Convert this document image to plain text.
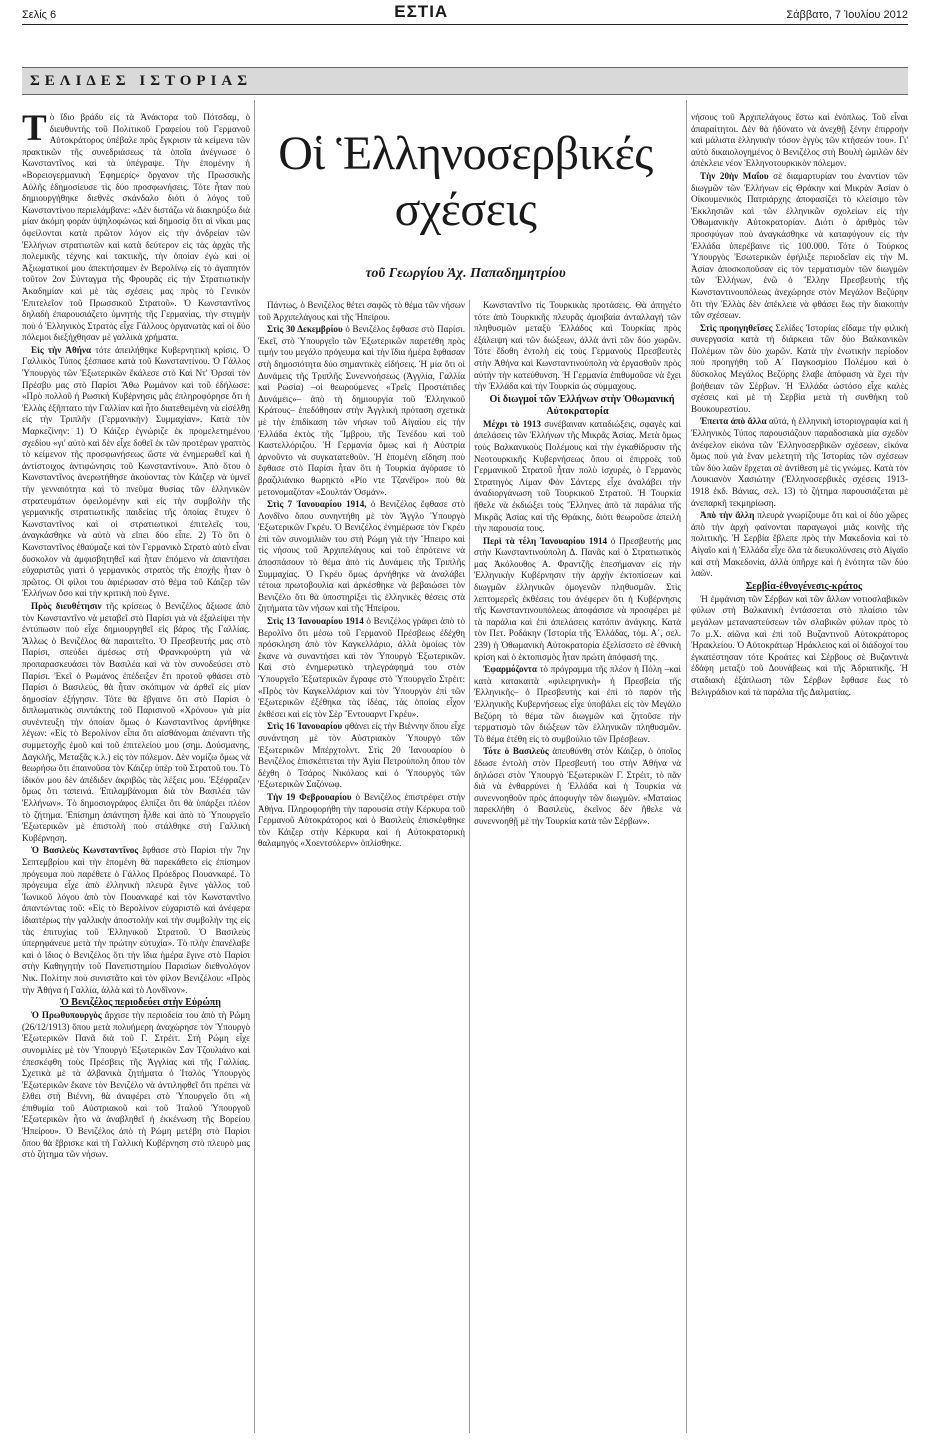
Σελίς 6	ΕΣΤΙΑ	Σάββατο, 7 Ἰουλίου 2012
ΣΕΛΙΔΕΣ ΙΣΤΟΡΙΑΣ
Οἱ Ἑλληνοσερβικές
σχέσεις
τοῦ Γεωργίου Ἀχ. Παπαδημητρίου

Τὸ ἴδιο βράδυ εἰς τὰ Ἀνάκτορα τοῦ Πότσδαμ, ὁ διευθυντής τοῦ Πολιτικοῦ Γραφείου τοῦ Γερμανοῦ Αὐτοκράτορος ὑπέβαλε πρὸς ἔγκρισιν τὰ κείμενα τῶν πρακτικῶν τῆς συνεδριάσεως τὰ ὁποῖα ἀνέγνωσε ὁ Κωνσταντῖνος καὶ τὰ ὑπέγραψε. Τὴν ἑπομένην ἡ «Βορειογερμανικὴ Ἐφημερίς» ὄργανον τῆς Πρωσσικῆς Αὐλῆς ἐδημοσίευσε τὶς δύο προσφωνήσεις. Τότε ἦταν ποὺ δημιουργήθηκε διεθνὲς σκάνδαλο διότι ὁ λόγος τοῦ Κωνσταντίνου περιελάμβανε: «Δὲν διστάζω νὰ διακηρύξω διὰ μίαν ἀκόμη φορὰν ὑψηλοφώνως καὶ δημοσίᾳ ὅτι αἱ νῖκαι μας ὀφείλονται κατὰ πρῶτον λόγον εἰς τὴν ἀνδρείαν τῶν Ἑλλήνων στρατιωτῶν καὶ κατὰ δεύτερον εἰς τὰς ἀρχὰς τῆς πολεμικῆς τέχνης καὶ τακτικῆς, τὴν ὁποίαν ἐγὼ καὶ οἱ Ἀξιωματικοί μου ἀπεκτήσαμεν ἐν Βερολίνῳ εἰς τὸ ἀγαπητόν τοῦτον 2ον Σύνταγμα τῆς Φρουρᾶς εἰς τὴν Στρατιωτικὴν Ἀκαδημίαν καὶ μὲ τὰς σχέσεις μας πρὸς τὸ Γενικὸν Ἐπιτελεῖον τοῦ Πρωσσικοῦ Στρατοῦ». Ὁ Κωνσταντῖνος δηλαδὴ ἐπαρουσιάζετο ὑμνητὴς τῆς Γερμανίας, τὴν στιγμὴν ποὺ ὁ Ἑλληνικὸς Στρατὸς εἶχε Γάλλους ὀργανωτὰς καὶ οἱ δύο πόλεμοι διεξήχθησαν μὲ γαλλικὰ χρήματα.

Εἰς τὴν Ἀθήνα τότε ἀπειλήθηκε Κυβερνητικὴ κρίσις. Ὁ Γαλλικὸς Τύπος ξέσπασε κατὰ τοῦ Κωνσταντίνου. Ὁ Γάλλος Ὑπουργὸς τῶν Ἐξωτερικῶν ἔκάλεσε στὸ Καὶ Ντ' Ὀρσαὶ τὸν Πρέσβυ μας στὸ Παρίσι Ἄθω Ρωμάνον καὶ τοῦ ἐδήλωσε: «Πρὸ πολλοῦ ἡ Ρωσικὴ Κυβέρνησις μᾶς ἐπληροφόρησε ὅτι ἡ Ἑλλὰς ἐξῆπτατο τὴν Γαλλίαν καὶ ἦτο διατεθειμένη νὰ εἰσέλθῃ εἰς τὴν Τριπλῆν (Γερμανικὴν) Συμμαχίαν». Κατὰ τὸν Μαρκεζίνην: 1) Ὁ Κάιζερ ἐγνώριζε ἐκ προμελετημένου σχεδίου «γι' αὐτὸ καὶ δὲν εἶχε δοθεῖ ἐκ τῶν προτέρων γραπτὸς τὸ κείμενον τῆς προσφωνήσεως ὥστε νὰ ἐνημερωθεῖ καὶ ἡ ἀντίστοιχος ἀντιφώνησις τοῦ Κωνσταντίνου». Ἀπὸ ὅτου ὁ Κωνσταντῖνος ἀνερωτήθησε ἀκούοντας τὸν Κάιζερ νὰ ὑμνεῖ τὴν γενναιότητα καὶ τὸ πνεῦμα θυσίας τῶν ἑλληνικῶν στρατευμάτων ὀφειλομένην καὶ εἰς τὴν συμβολὴν τῆς γερμανικῆς στρατιωτικῆς παιδείας τῆς ὁποίας ἔτυχεν ὁ Κωνσταντῖνος καὶ οἱ στρατιωτικοὶ ἐπιτελεῖς του, ἀναγκάσθηκε νὰ αὐτὸ νὰ εἴπει δύο εἶπε. 2) Τὸ ὅτι ὁ Κωνσταντῖνος ἐθαύμαζε καὶ τὸν Γερμανικὸ Στρατὸ αὐτὸ εἶναι δυσκολον νὰ ἀμφισβητηθεῖ καὶ ἦταν ἐπόμενο νὰ ἀπαντήσει εὐχαριστῶς γιατὶ ὁ γερμανικὸς στρατὸς τῆς ἐποχῆς ἦταν ὁ πρῶτος. Οἱ φίλοι του ἀφιέρωσαν στὸ θέμα τοῦ Κάιζερ τῶν Ἑλλήνων ὅσο καὶ τὴν κριτικὴ ποὺ ἔγινε.

Πρὸς διευθέτησιν τῆς κρίσεως ὁ Βενιζέλος ἄξιωσε ἀπὸ τὸν Κωνσταντῖνο νὰ μεταβεῖ στὸ Παρίσι γιὰ νὰ ἐξαλείψει τὴν ἐντύπωσιν ποὺ εἶχε δημιουργηθεῖ εἰς βάρος τῆς Γαλλίας. Ἄλλως ὁ Βενιζέλος θὰ παραιτεῖτο. Ὁ Πρεσβευτής μας στὸ Παρίσι, σπεύδει ἀμέσως στὴ Φρανκφούρτη γιὰ νὰ προπαρασκευάσει τὸν Βασιλέα καὶ νὰ τὸν συνοδεύσει στὸ Παρίσι. Ἐκεῖ ὁ Ρωμάνος ἐπέδειξεν ἔτι προτοῦ φθάσει στὸ Παρίσι ὁ Βασιλεύς, θὰ ἦταν σκόπιμον νὰ ἀρθεῖ εἰς μίαν δημοσίαν ἐξήγησιν. Τότε θὰ ἔβγαινε ὅτι στὸ Παρίσι ὁ διπλωματικὸς συντάκτης τοῦ Παρισινοῦ «Χρόνου» γιὰ μία συνέντευξη τὴν ὁποίαν ὅμως ὁ Κωνσταντῖνος ἀρνήθηκε λέγων: «Εἰς τὸ Βερολίνον εἶπα ὅτι αἰσθάνομαι ἀπέναντι τῆς συμμετοχῆς ἐμοῦ καὶ τοῦ ἐπιτελείου μου (σημ. Δούσμανης, Δαγκλῆς, Μεταξᾶς κ.λ.) εἰς τὸν πόλεμον. Δὲν νομίζω ὅμως νὰ θεωρήσω ὅτι ἐπαινοῦσα τὸν Κάιζερ ὑπὲρ τοῦ Στρατοῦ του. Τὸ ἰδικόν μου δὲν ἀπέδιδεν ἀκριβῶς τὰς λέξεις μου. Ἐξέφραζεν ὅμως ὅτι ταπεινά. Ἐπιλαμβάνομαι διὰ τὸν Βασιλέα τῶν Ἑλλήνων». Τὸ δημοσιογράφος ἐλπίζει ὅτι θὰ ὑπάρξει πλέον τὸ ζήτημα. Ἐπίσημη ἀπάντηση ἦλθε καὶ ἀπὸ τὸ Ὑπουργεῖο Ἐξωτερικῶν μὲ ἐπιστολὴ ποὺ στάλθηκε στὴ Γαλλικὴ Κυβέρνηση.

Ὁ Βασιλεὺς Κωνσταντῖνος ἔφθασε στὸ Παρίσι τὴν 7ην Σεπτεμβρίου καὶ τὴν ἑπομένη θὰ παρεκάθετο εἰς ἐπίσημον πρόγευμα ποὺ παρέθετε ὁ Γάλλος Πρόεδρος Πουανκαρέ. Τὸ πρόγευμα εἶχε ἀπὸ ἑλληνικὴ πλευρὰ ἔγινε γὰλλος τοῦ Ἰωνικοῦ λόγου ἀπὸ τὸν Πουανκαρέ καὶ τὸν Κωνσταντῖνο ἀπαντώντας τοῦ: «Εἰς τὸ Βερολίνον εὐχαριστῶ καὶ ἀνέφερα ἰδιαιτέρως τὴν γαλλικὴν ἀποστολὴν καὶ τὴν συμβολὴν της εἰς τὰς ἐπιτυχίας τοῦ Ἑλληνικοῦ Στρατοῦ. Ὁ Βασιλεὺς ὑπερηφάνευε μετὰ τὴν πρώτην εὐτυχία». Τὸ πλὴν ἐπανέλαβε καὶ ὁ ἴδιος ὁ Βενιζέλος ὅτι τὴν ἴδια ἡμέρα ἔγινε στὸ Παρίσι στὴν Καθηγητὴν τοῦ Πανεπιστημίου Παρισίων διεθνολόγον Νικ. Πολίτην ποὺ συνιστᾶτο καὶ τὸν φίλον Βενιζέλου: «Πρὸς τὴν Ἀθήνα ἡ Γαλλία, ἀλλὰ καὶ τὸ Λονδῖνον».

Ὁ Βενιζέλος περιοδεύει στὴν Εὐρώπη

Ὁ Πρωθυπουργὸς ἄρχισε τὴν περιοδεία του ἀπὸ τὴ Ρώμη (26/12/1913) ὅπου μετὰ πολυήμερη ἀναχώρησε τὸν Ὑπουργὸ Ἐξωτερικῶν Πανᾶ διὰ τοῦ Γ. Στρέιτ. Στὴ Ρώμη εἶχε συνομιλίες μὲ τὸν Ὑπουργὸ Ἐξωτερικῶν Σαν Τζουλιάνο καὶ ἐπεσκέφθη τοὺς Πρέσβεις τῆς Ἀγγλίας καὶ τῆς Γαλλίας. Σχετικὰ μὲ τὰ ἀλβανικὰ ζητήματα ὁ Ἰταλὸς Ὑπουργὸς Ἐξωτερικῶν ἔκανε τὸν Βενιζέλο νὰ ἀντιληφθεῖ ὅτι πρέπει νὰ ἔλθει στὴ Βιέννη, θὰ ἀναφέρει στὸ Ὑπουργεῖο ὅτι «ἡ ἐπιθυμία τοῦ Αὐστριακοῦ καὶ τοῦ Ἰταλοῦ Ὑπουργοῦ Ἐξωτερικῶν ἦτο νὰ ἀναβληθεῖ ἡ ἐκκένωση τῆς Βορείου Ἠπείρου». Ὁ Βενιζέλος ἀπὸ τὴ Ρώμη μετέβη στὸ Παρίσι ὅπου θὰ ἔβρισκε καὶ τὴ Γαλλικὴ Κυβέρνηση στὸ πλευρὸ μας στὸ ζήτημα τῶν νήσων.

Πάντως, ὁ Βενιζέλος θέτει σαφῶς τὸ θέμα τῶν νήσων τοῦ Ἀρχιπελάγους καὶ τῆς Ἠπείρου.

Στὶς 30 Δεκεμβρίου ὁ Βενιζέλος ἔφθασε στὸ Παρίσι. Ἐκεῖ, στὸ Ὑπουργεῖο τῶν Ἐξωτερικῶν παρετέθη πρὸς τιμήν του μεγάλο πρόγευμα καὶ τὴν ἴδια ἡμέρα ἔφθασαν στὴ δημοσιότητα δύο σημαντικὲς εἰδήσεις. Ἡ μία ὅτι οἱ Δυνάμεις τῆς Τριπλῆς Συνεννοήσεως (Ἀγγλία, Γαλλία καὶ Ρωσία) –οἱ θεωρούμενες «Τρεῖς Προστάτιδες Δυνάμεις»– ἀπὸ τὴ δημιουργία τοῦ Ἑλληνικοῦ Κράτους– ἐπεδόθησαν στὴν Ἀγγλικὴ πρόταση σχετικὰ μὲ τὴν ἐπιδίκαση τῶν νήσων τοῦ Αἰγαίου εἰς τὴν Ἑλλάδα ἐκτὸς τῆς Ἴμβρου, τῆς Τενέδου καὶ τοῦ Καστελλόριζου. Ἡ Γερμανία ὅμως καὶ ἡ Αὐστρία ἀρνοῦντο νὰ συγκατατεθοῦν. Ἡ ἑπομένη εἴδηση ποὺ ἔφθασε στὸ Παρίσι ἦταν ὅτι ἡ Τουρκία ἀγόρασε τὸ βραζιλιάνικο θωρηκτὸ «Ρίο ντε Τζανέϊρο» ποὺ θὰ μετονομαζόταν «Σουλτάν Ὀσμάν».

Στὶς 7 Ἰανουαρίου 1914, ὁ Βενιζέλος ἔφθασε στὸ Λονδῖνο ὅπου συνηντήθη μὲ τὸν Ἄγγλο Ὑπουργὸ Ἐξωτερικῶν Γκρέυ. Ὁ Βενιζέλος ἐνημέρωσε τὸν Γκρέυ ἐπὶ τῶν συνομιλιῶν του στὴ Ρώμη γιὰ τὴν Ἤπειρο καὶ τὶς νήσους τοῦ Ἀρχιπελάγους καὶ τοῦ ἐπρότεινε νὰ ἀποσπάσουν τὸ θέμα ἀπὸ τὶς Δυνάμεις τῆς Τριπλῆς Συμμαχίας. Ὁ Γκρέυ ὅμως ἀρνήθηκε νὰ ἀναλάβει τέτοια πρωτοβουλία καὶ ἀρκέσθηκε νὰ βεβαιώσει τὸν Βενιζέλο ὅτι θὰ ὑποστηρίξει τὶς ἑλληνικὲς θέσεις στὰ ζητήματα τῶν νήσων καὶ τῆς Ἠπείρου.

Στὶς 13 Ἰανουαρίου 1914 ὁ Βενιζέλος γράφει ἀπὸ τὸ Βερολῖνο ὅτι μέσω τοῦ Γερμανοῦ Πρέσβεως ἐδέχθη πρόσκληση ἀπὸ τὸν Καγκελλάριο, ἀλλὰ ὁμοίως τὸν ἔκανε νὰ συναντήσει καὶ τὸν Ὑπουργὸ Ἐξωτερικῶν. Καὶ στὸ ἐνημερωτικὸ τηλεγράφημά του στὸν Ὑπουργεῖο Ἐξωτερικῶν ἔγραφε στὸ Ὑπουργεῖο Στρέιτ: «Πρὸς τὸν Καγκελλάριον καὶ τὸν Ὑπουργὸν ἐπὶ τῶν Ἐξωτερικῶν ἐξέθηκα τὰς ἰδέας, τὰς ὁποίας εἶχον ἐκθέσει καὶ εἰς τὸν Σὲρ Ἔντουαρντ Γκρέυ».

Στὶς 16 Ἰανουαρίου φθάνει εἰς τὴν Βιέννην ὅπου εἶχε συνάντηση μὲ τὸν Αὐστριακὸν Ὑπουργὸ τῶν Ἐξωτερικῶν Μπέρχτολντ. Στὶς 20 Ἰανουαρίου ὁ Βενιζέλος ἐπισκέπτεται τὴν Ἁγία Πετρούπολη ὅπου τὸν δέχθη ὁ Τσάρος Νικόλαος καὶ ὁ Ὑπουργὸς τῶν Ἐξωτερικῶν Σαζόνωφ.

Τὴν 19 Φεβρουαρίου ὁ Βενιζέλος ἐπιστρέφει στὴν Ἀθήνα. Πληροφορήθη τὴν παρουσία στὴν Κέρκυρα τοῦ Γερμανοῦ Αὐτοκράτορος καὶ ὁ Βασιλεὺς ἐπισκέφθηκε τὸν Κάιζερ στὴν Κέρκυρα καὶ ἡ Αὐτοκρατορικὴ θαλαμηγὸς «Χοεντσόλερν» ὁπλίσθηκε.

Κωνσταντῖνο τὶς Τουρκικὰς προτάσεις. Θὰ ἀπηγέτο τότε ἀπὸ Τουρκικῆς πλευρᾶς ἀμοιβαία ἀνταλλαγή τῶν πληθυσμῶν μεταξὺ Ἑλλάδος καὶ Τουρκίας πρὸς ἐξάλειψη καὶ τῶν διώξεων, ἀλλὰ ἀντὶ τῶν δύο χωρῶν. Τότε ἔδοθη ἐντολὴ εἰς τοὺς Γερμανοὺς Πρεσβευτὲς στὴν Ἀθήνα καὶ Κωνσταντινούπολη νὰ ἐργασθοῦν πρὸς αὐτὴν τὴν κατεύθυνση. Ἡ Γερμανία ἐπιθυμοῦσε νὰ ἔχει τὴν Ἑλλάδα καὶ τὴν Τουρκία ὡς σύμμαχους.

Οἱ διωγμοί τῶν Ἑλλήνων στὴν Ὀθωμανική Αὐτοκρατορία

Μέχρι τὸ 1913 συνέβαιναν καταδιώξεις, σφαγὲς καὶ ἀπελάσεις τῶν Ἑλλήνων τῆς Μικρᾶς Ἀσίας. Μετὰ ὅμως τοὺς Βαλκανικοὺς Πολέμους καὶ τὴν ἐγκαθίδρυσιν τῆς Νεοτουρκικῆς Κυβερνήσεως ὅπου οἱ ἐπιρροὲς τοῦ Γερμανικοῦ Στρατοῦ ἦταν πολὺ ἰσχυρές, ὁ Γερμανὸς Στρατηγὸς Λίμαν Φὸν Σάντερς εἶχε ἀναλάβει τὴν ἀναδιοργάνωση τοῦ Τουρκικοῦ Στρατοῦ. Ἡ Τουρκία ἤθελε νὰ ἐκδιώξει τοὺς Ἕλληνες ἀπὸ τὰ παράλια τῆς Μικρᾶς Ἀσίας καὶ τῆς Θράκης, διότι θεωροῦσε ἀπειλὴ τὴν παρουσία τους.

Περὶ τὰ τέλη Ἰανουαρίου 1914 ὁ Πρεσβευτής μας στὴν Κωνσταντινούπολη Δ. Πανᾶς καὶ ὁ Στρατιωτικὸς μας Ἀκόλουθος Α. Φραντζῆς ἐπεσήμαναν εἰς τὴν Ἑλληνικὴν Κυβέρνησιν τὴν ἀρχὴν ἐκτοπίσεων καὶ διωγμῶν ἑλληνικῶν ὁμογενῶν πληθυσμῶν. Στὶς λεπτομερεῖς ἐκθέσεις του ἀνέφερεν ὅτι ἡ Κυβέρνησις τῆς Κωνσταντινουπόλεως ἀποφάσισε νὰ προσφέρει μὲ τὰ παράλια καὶ ἐπὶ ἀπελάσεις κατόπιν ἀνάγκης. Κατὰ τὸν Πετ. Ροδάκην (Ἱστορία τῆς Ἑλλάδας, τόμ. Α΄, σελ. 239) ἡ Ὀθωμανικὴ Αὐτοκρατορία ἐξελίσσετο σὲ ἐθνικὴ κρίση καὶ ὁ ἐκτοπισμὸς ἦταν πρώτη ἀπόφασή της.

Ἐφαρμόζοντα τὸ πρόγραμμα τῆς πλέον ἡ Πόλη –καὶ κατὰ κατακαιτὰ «φιλειρηνικὴ» ἡ Πρεσβεία τῆς Ἑλληνικῆς– ὁ Πρεσβευτὴς καὶ ἐπὶ τὸ παρόν τῆς Ἑλληνικῆς Κυβερνήσεως εἶχε ὑποβάλει εἰς τὸν Μεγάλο Βεζύρη τὸ θέμα τῶν διωγμῶν καὶ ζητοῦσε τὴν τερματισμὸ τῶν διώξεων τῶν ἑλληνικῶν πληθυσμῶν. Τὸ θέμα ἐτέθη εἰς τὸ συμβούλιο τῶν Πρέσβεων.

Τότε ὁ Βασιλεὺς ἀπευθύνθη στὸν Κάιζερ, ὁ ὁποῖος ἔδωσε ἐντολὴ στὸν Πρεσβευτή του στὴν Ἀθήνα νὰ δηλώσει στὸν Ὑπουργὸ Ἐξωτερικῶν Γ. Στρέιτ, τὸ πᾶν διὰ νὰ ἐνθαρρύνει ἡ Ἑλλάδα καὶ ἡ Τουρκία νὰ συνεννοηθοῦν πρὸς ἀποφυγὴν τῶν διωγμῶν. «Ματαίως παρεκλήθη ὁ Βασιλεὺς, ἐκεῖνος δὲν ἤθελε νὰ συνεννοηθῇ μὲ τὴν Τουρκία κατὰ τῶν Σέρβων».

νήσους τοῦ Ἀρχιπελάγους ἔστω καὶ ἐνόπλως. Τοῦ εἶναι ἀπαραίτητοι. Δὲν θὰ ἠδύνατο νὰ ἀνεχθῇ ξένην ἐπιρροὴν καὶ μάλιστα ἑλληνικὴν τόσον ἐγγὺς τῶν κτήσεών του». Γι' αὐτὸ δικαιολογημένος ὁ Βενιζέλος στὴ Βουλὴ ὡμιλῶν δὲν ἀπέκλειε νέον Ἑλληνοτουρκικὸν πόλεμον.

Τὴν 20ὴν Μαΐου σὲ διαμαρτυρίαν του ἐναντίον τῶν διωγμῶν τῶν Ἑλλήνων εἰς Θράκην καὶ Μικρὰν Ἀσίαν ὁ Οἰκουμενικὸς Πατριάρχης ἀποφασίζει τὸ κλείσιμο τῶν Ἐκκλησιῶν καὶ τῶν ἑλληνικῶν σχολείων εἰς τὴν Ὀθωμανικὴν Αὐτοκρατορίαν. Διότι ὁ ἀριθμὸς τῶν προσφύγων ποὺ ἀναγκάσθηκε νὰ καταφύγουν εἰς τὴν Ἑλλάδα ὑπερέβαινε τὶς 100.000. Τότε ὁ Τούρκος Ὑπουργὸς Ἐσωτερικῶν ἐφήλιξε περιοδεῖαν εἰς τὴν Μ. Ἀσίαν ἀποσκοποῦσαν εἰς τὸν τερματισμὸν τῶν διωγμῶν τῶν Ἑλλήνων, ἐνῶ ὁ Ἕλλην Πρεσβευτὴς τῆς Κωνσταντινουπόλεως ἀνεχώρησε στὸν Μεγάλον Βεζύρην ὅτι τὴν Ἑλλὰς δὲν ἀπέκλειε νὰ φθάσει ἕως τὴν διακοπὴν τῶν σχέσεων.

Στὶς προηγηθεῖσες Σελίδες Ἱστορίας εἴδαμε τὴν φιλικὴ συνεργασία κατὰ τὴ διάρκεια τῶν δύο Βαλκανικῶν Πολέμων τῶν δύο χωρῶν. Κατὰ τὴν ἑνωτικὴν περίοδον ποὺ προηγήθη τοῦ Α΄ Παγκοσμίου Πολέμου καὶ ὁ δύσκολος Μεγάλος Βεζύρης ἔλαβε ἀπόφαση νὰ ἔχει τὴν βοήθειαν τῶν Σέρβων. Ἡ Ἑλλάδα ὡστόσο εἶχε καλὲς σχέσεις καὶ μὲ τὴ Σερβία μετὰ τὴ συνθήκη τοῦ Βουκουρεστίου.

Ἐπειτα ἀπὸ ἄλλα αὐτά, ἡ ἑλληνικὴ ἱστοριογραφία καὶ ἡ Ἑλληνικὸς Τύπος παρουσιάζουν παραδοσιακὰ μία σχεδὸν ἀνέφελον εἰκόνα τῶν Ἑλληνοσερβικῶν σχέσεων, εἰκόνα ὅμως ποὺ γιὰ ἕναν μελετητὴ τῆς Ἱστορίας τῶν σχέσεων τῶν δύο λαῶν ἔρχεται σὲ ἀντίθεση μὲ τὶς γνώμες. Κατὰ τὸν Λουκιανὸν Χασιώτην (Ἑλληνοσερβικὲς σχέσεις 1913-1918 ἐκδ. Βάνιας, σελ. 13) τὸ ζήτημα παρουσιάζεται μὲ ἀνεπαρκῆ τεκμηρίωση.

Ἀπὸ τὴν ἄλλη πλευρὰ γνωρίζουμε ὅτι καὶ οἱ δύο χῶρες ἀπὸ τὴν ἀρχὴ φαίνονται παραγωγοὶ μιᾶς κοινῆς τῆς πολιτικῆς. Ἡ Σερβία ἔβλεπε πρὸς τὴν Μακεδονία καὶ τὸ Αἰγαῖο καὶ ἡ Ἑλλάδα εἶχε ὅλα τὰ διευκολύνσεις στὸ Αἰγαῖο καὶ στὴ Μακεδονία, ἀλλὰ ὑπῆρχε καὶ ἡ ἑνότητα τῶν δύο λαῶν.

Σερβία-ἐθνογένεσις-κράτος

Ἡ ἐμφάνιση τῶν Σέρβων καὶ τῶν ἄλλων νοτιοσλαβικῶν φύλων στὴ Βαλκανικὴ ἐντάσσεται στὸ πλαίσιο τῶν μεγάλων μεταναστεύσεων τῶν σλαβικῶν φύλων πρὸς τὸ 7ο μ.Χ. αἰῶνα καὶ ἐπὶ τοῦ Βυζαντινοῦ Αὐτοκράτορος Ἡρακλείου. Ὁ Αὐτοκράτωρ Ἡράκλειος καὶ οἱ διάδοχοί του ἐγκατέστησαν τότε Κροάτες καὶ Σέρβους σὲ Βυζαντινὰ ἐδάφη μεταξὺ τοῦ Δουνάβεως καὶ τῆς Ἀδριατικῆς. Ἡ σταδιακὴ ἐξάπλωση τῶν Σέρβων ἔφθασε ἕως τὸ Βελιγράδιον καὶ τὰ παράλια τῆς Δαλματίας.
